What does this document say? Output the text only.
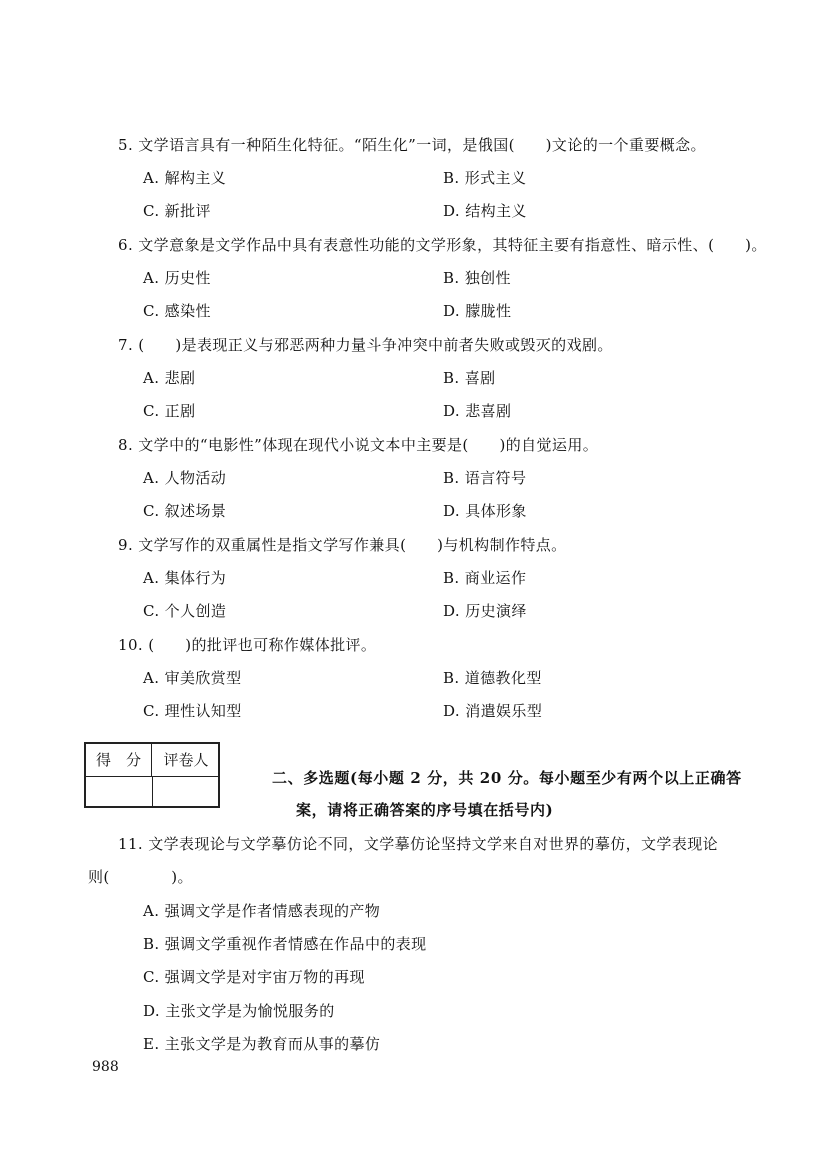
5. 文学语言具有一种陌生化特征。“陌生化”一词，是俄国(　　)文论的一个重要概念。
A. 解构主义	B. 形式主义
C. 新批评	D. 结构主义
6. 文学意象是文学作品中具有表意性功能的文学形象，其特征主要有指意性、暗示性、(　　)。
A. 历史性	B. 独创性
C. 感染性	D. 朦胧性
7. (　　)是表现正义与邪恶两种力量斗争冲突中前者失败或毁灭的戏剧。
A. 悲剧	B. 喜剧
C. 正剧	D. 悲喜剧
8. 文学中的“电影性”体现在现代小说文本中主要是(　　)的自觉运用。
A. 人物活动	B. 语言符号
C. 叙述场景	D. 具体形象
9. 文学写作的双重属性是指文学写作兼具(　　)与机构制作特点。
A. 集体行为	B. 商业运作
C. 个人创造	D. 历史演绎
10. (　　)的批评也可称作媒体批评。
A. 审美欣赏型	B. 道德教化型
C. 理性认知型	D. 消遣娱乐型
得　分	评卷人
二、多选题(每小题 2 分，共 20 分。每小题至少有两个以上正确答
案，请将正确答案的序号填在括号内)
11. 文学表现论与文学摹仿论不同，文学摹仿论坚持文学来自对世界的摹仿，文学表现论
则(　　　　)。
A. 强调文学是作者情感表现的产物
B. 强调文学重视作者情感在作品中的表现
C. 强调文学是对宇宙万物的再现
D. 主张文学是为愉悦服务的
E. 主张文学是为教育而从事的摹仿
988
